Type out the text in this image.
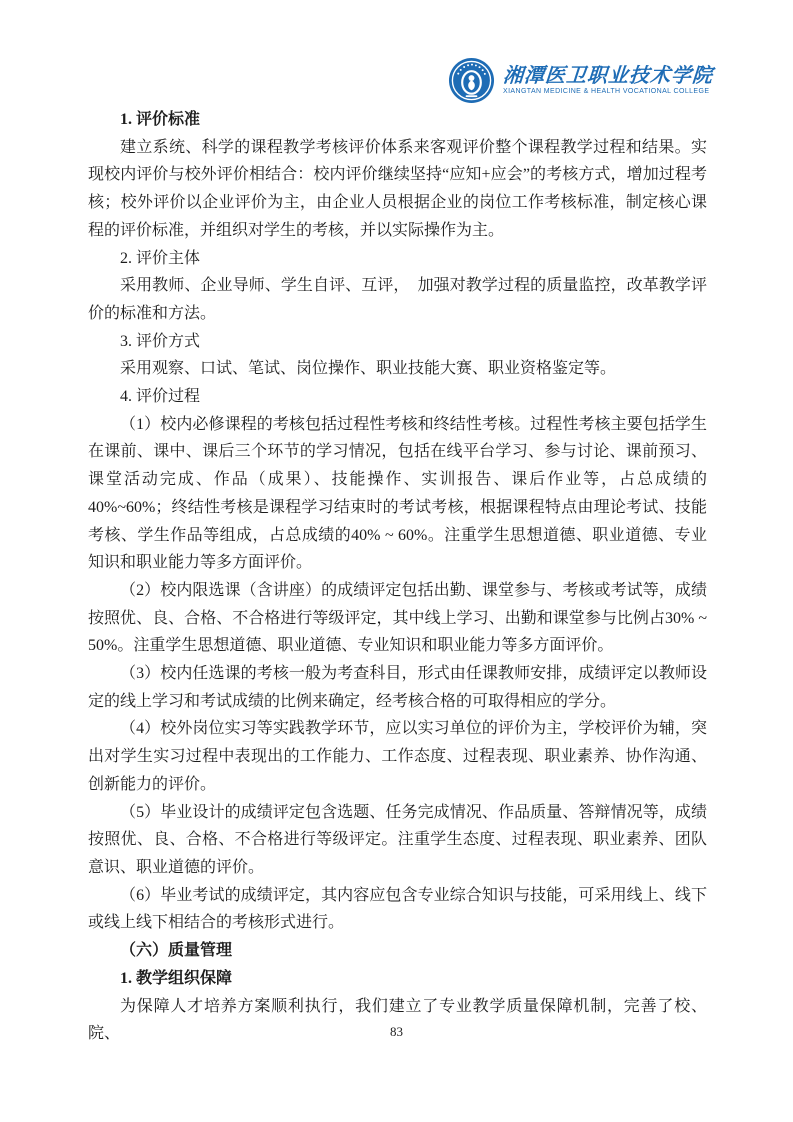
湘潭医卫职业技术学院
XIANGTAN MEDICINE & HEALTH VOCATIONAL COLLEGE
1. 评价标准

建立系统、科学的课程教学考核评价体系来客观评价整个课程教学过程和结果。实现校内评价与校外评价相结合：校内评价继续坚持“应知+应会”的考核方式，增加过程考核；校外评价以企业评价为主，由企业人员根据企业的岗位工作考核标准，制定核心课程的评价标准，并组织对学生的考核，并以实际操作为主。

2. 评价主体

采用教师、企业导师、学生自评、互评，　加强对教学过程的质量监控，改革教学评价的标准和方法。

3. 评价方式

采用观察、口试、笔试、岗位操作、职业技能大赛、职业资格鉴定等。

4. 评价过程

（1）校内必修课程的考核包括过程性考核和终结性考核。过程性考核主要包括学生在课前、课中、课后三个环节的学习情况，包括在线平台学习、参与讨论、课前预习、课堂活动完成、作品（成果）、技能操作、实训报告、课后作业等，占总成绩的40%~60%；终结性考核是课程学习结束时的考试考核，根据课程特点由理论考试、技能考核、学生作品等组成，占总成绩的40% ~ 60%。注重学生思想道德、职业道德、专业知识和职业能力等多方面评价。

（2）校内限选课（含讲座）的成绩评定包括出勤、课堂参与、考核或考试等，成绩按照优、良、合格、不合格进行等级评定，其中线上学习、出勤和课堂参与比例占30% ~ 50%。注重学生思想道德、职业道德、专业知识和职业能力等多方面评价。

（3）校内任选课的考核一般为考查科目，形式由任课教师安排，成绩评定以教师设定的线上学习和考试成绩的比例来确定，经考核合格的可取得相应的学分。

（4）校外岗位实习等实践教学环节，应以实习单位的评价为主，学校评价为辅，突出对学生实习过程中表现出的工作能力、工作态度、过程表现、职业素养、协作沟通、创新能力的评价。

（5）毕业设计的成绩评定包含选题、任务完成情况、作品质量、答辩情况等，成绩按照优、良、合格、不合格进行等级评定。注重学生态度、过程表现、职业素养、团队意识、职业道德的评价。

（6）毕业考试的成绩评定，其内容应包含专业综合知识与技能，可采用线上、线下或线上线下相结合的考核形式进行。

（六）质量管理
1. 教学组织保障

为保障人才培养方案顺利执行，我们建立了专业教学质量保障机制，完善了校、院、	83
